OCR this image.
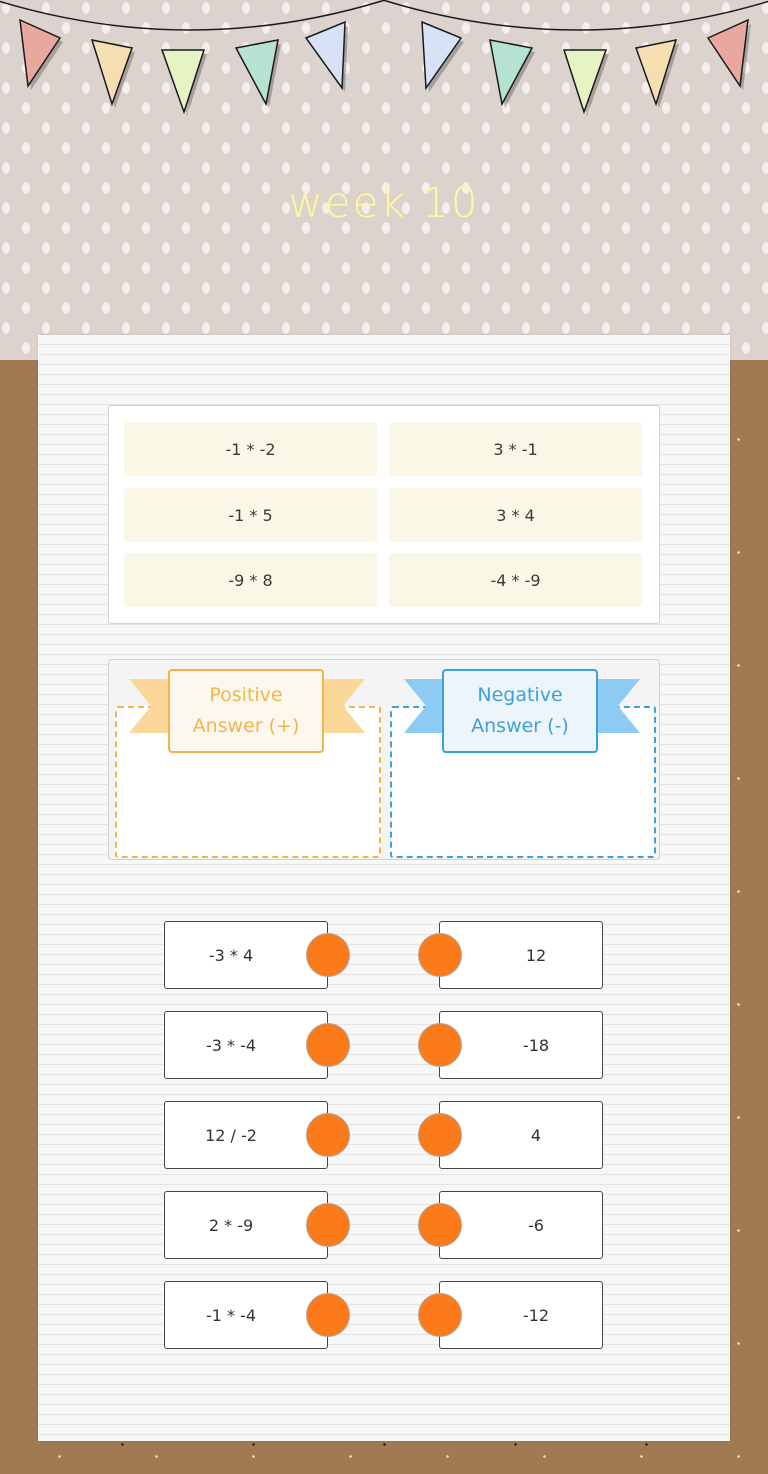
week 10
-1 * -2	3 * -1
-1 * 5	3 * 4
-9 * 8	-4 * -9
Positive
Answer (+)
Negative
Answer (-)
-3 * 4
-3 * -4
12 / -2
2 * -9
-1 * -4
12
-18
4
-6
-12
